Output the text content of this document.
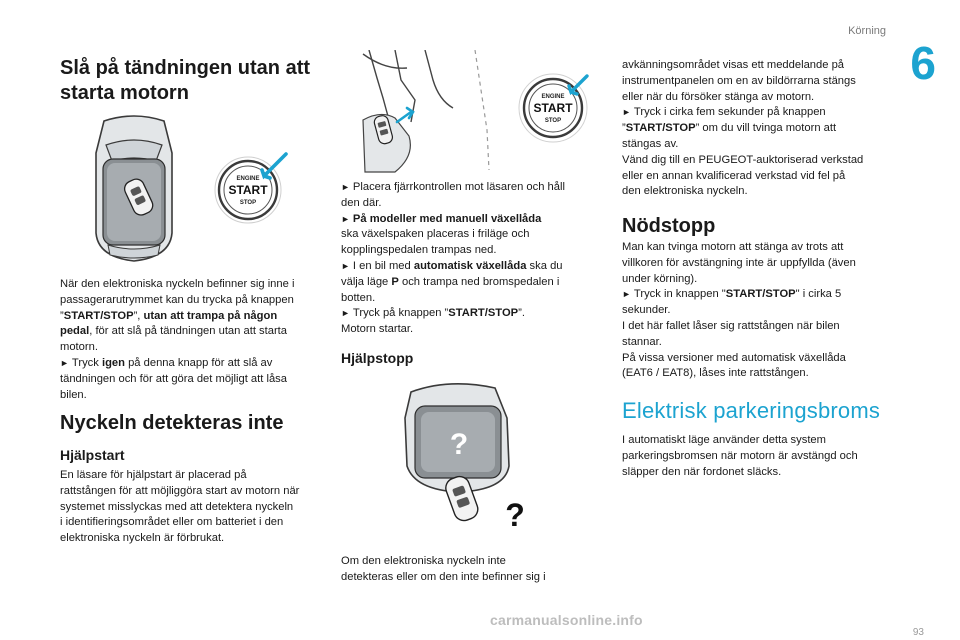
Körning
6
93
Slå på tändningen utan att starta motorn
ENGINE
START
STOP

När den elektroniska nyckeln befinner sig inne i

passagerarutrymmet kan du trycka på knappen

”START/STOP”, utan att trampa på någon

pedal, för att slå på tändningen utan att starta

motorn.

► Tryck igen på denna knapp för att slå av

tändningen och för att göra det möjligt att låsa

bilen.

Nyckeln detekteras inte
Hjälpstart

En läsare för hjälpstart är placerad på

rattstången för att möjliggöra start av motorn när

systemet misslyckas med att detektera nyckeln

i identifieringsområdet eller om batteriet i den

elektroniska nyckeln är förbrukat.

ENGINE
START
STOP

► Placera fjärrkontrollen mot läsaren och håll

den där.

► På modeller med manuell växellåda

ska växelspaken placeras i friläge och

kopplingspedalen trampas ned.

► I en bil med automatisk växellåda ska du

välja läge P och trampa ned bromspedalen i

botten.

► Tryck på knappen ”START/STOP”.

Motorn startar.

Hjälpstopp
?
?

Om den elektroniska nyckeln inte

detekteras eller om den inte befinner sig i

avkänningsområdet visas ett meddelande på

instrumentpanelen om en av bildörrarna stängs

eller när du försöker stänga av motorn.

► Tryck i cirka fem sekunder på knappen

”START/STOP” om du vill tvinga motorn att

stängas av.

Vänd dig till en PEUGEOT-auktoriserad verkstad

eller en annan kvalificerad verkstad vid fel på

den elektroniska nyckeln.

Nödstopp

Man kan tvinga motorn att stänga av trots att

villkoren för avstängning inte är uppfyllda (även

under körning).

► Tryck in knappen "START/STOP" i cirka 5

sekunder.

I det här fallet låser sig rattstången när bilen

stannar.

På vissa versioner med automatisk växellåda

(EAT6 / EAT8), låses inte rattstången.

Elektrisk parkeringsbroms

I automatiskt läge använder detta system

parkeringsbromsen när motorn är avstängd och

släpper den när fordonet släcks.

carmanualsonline.info
